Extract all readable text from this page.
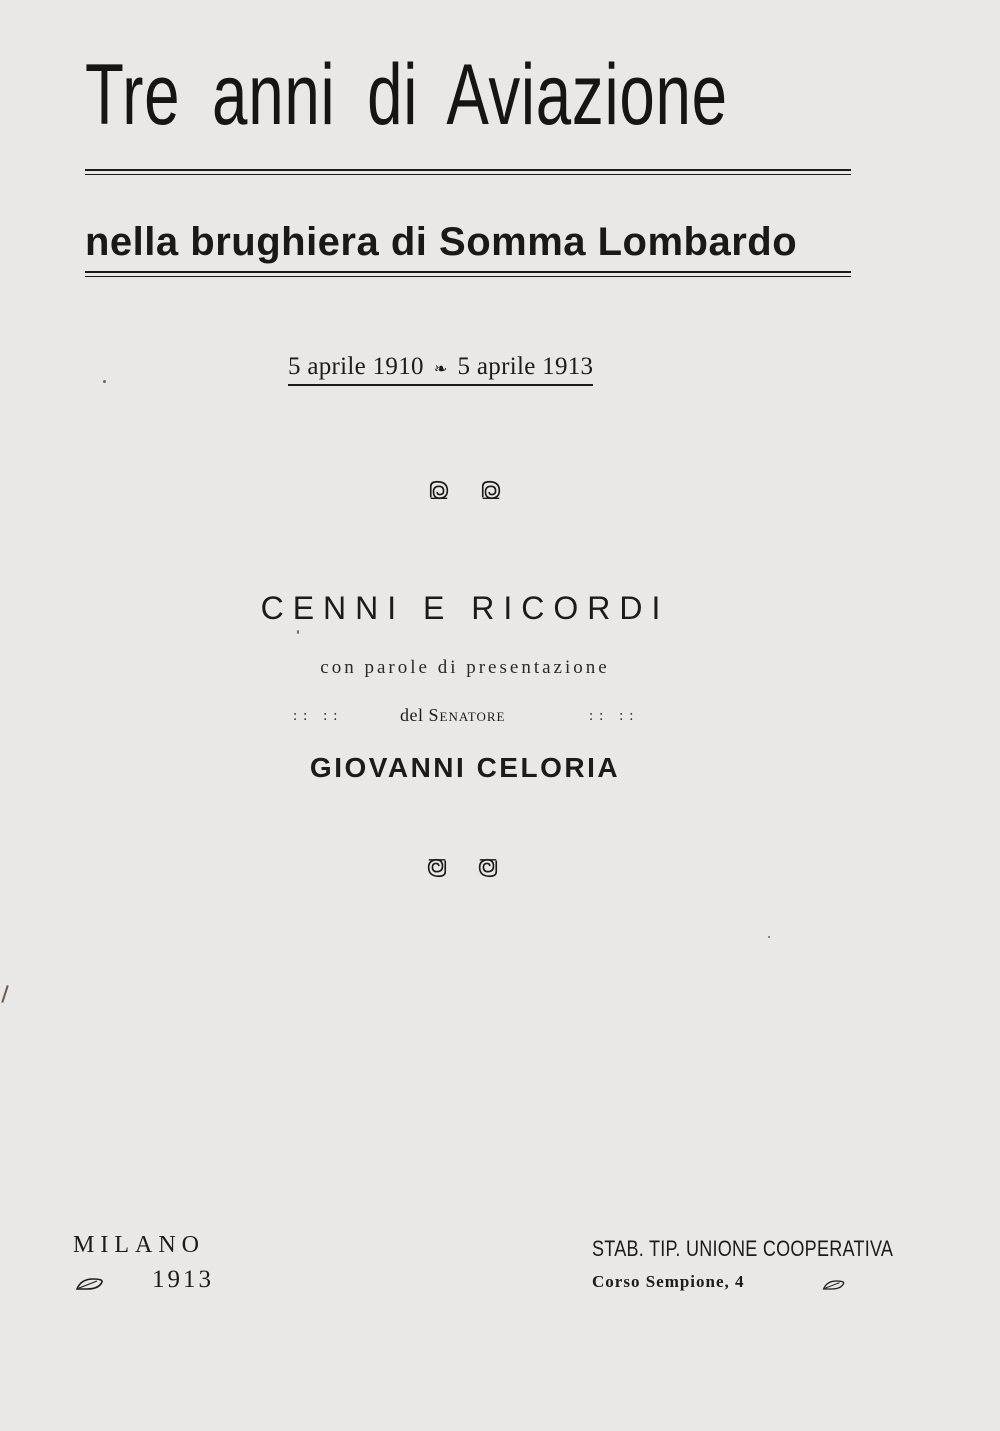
Tre anni di Aviazione
nella brughiera di Somma Lombardo
5 aprile 1910 ❧ 5 aprile 1913
CENNI E RICORDI
con parole di presentazione
:: ::	del Senatore	:: ::
GIOVANNI CELORIA
MILANO
1913
STAB. TIP. UNIONE COOPERATIVA
Corso Sempione, 4
